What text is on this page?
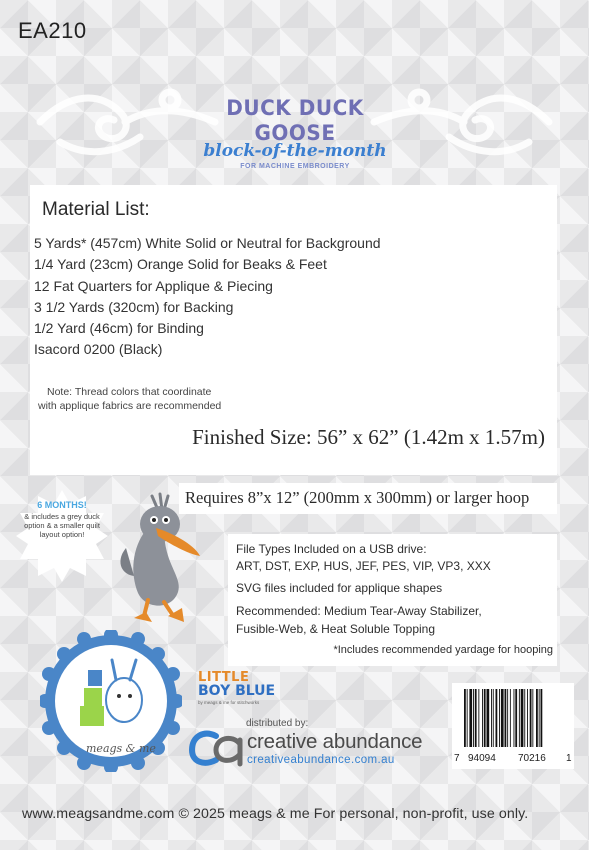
EA210
DUCK DUCK GOOSE
block-of-the-month
FOR MACHINE EMBROIDERY
Material List:
5 Yards* (457cm) White Solid or Neutral for Background
1/4 Yard (23cm) Orange Solid for Beaks & Feet
12 Fat Quarters for Applique & Piecing
3 1/2 Yards (320cm) for Backing
1/2 Yard (46cm) for Binding
Isacord 0200 (Black)
Note: Thread colors that coordinate
with applique fabrics are recommended
Finished Size: 56” x 62” (1.42m x 1.57m)
Requires 8”x 12” (200mm x 300mm) or larger hoop
File Types Included on a USB drive:
ART, DST, EXP, HUS, JEF, PES, VIP, VP3, XXX
SVG files included for applique shapes
Recommended: Medium Tear-Away Stabilizer,
Fusible-Web, & Heat Soluble Topping
*Includes recommended yardage for hooping
6 MONTHS!
& includes a grey duck option & a smaller quilt layout option!
meags & me
LITTLE
BOY BLUE
by meags & me for stitchworks
distributed by:
creative abundance
creativeabundance.com.au	7 94094 70216 1
www.meagsandme.com © 2025 meags & me For personal, non-profit, use only.
